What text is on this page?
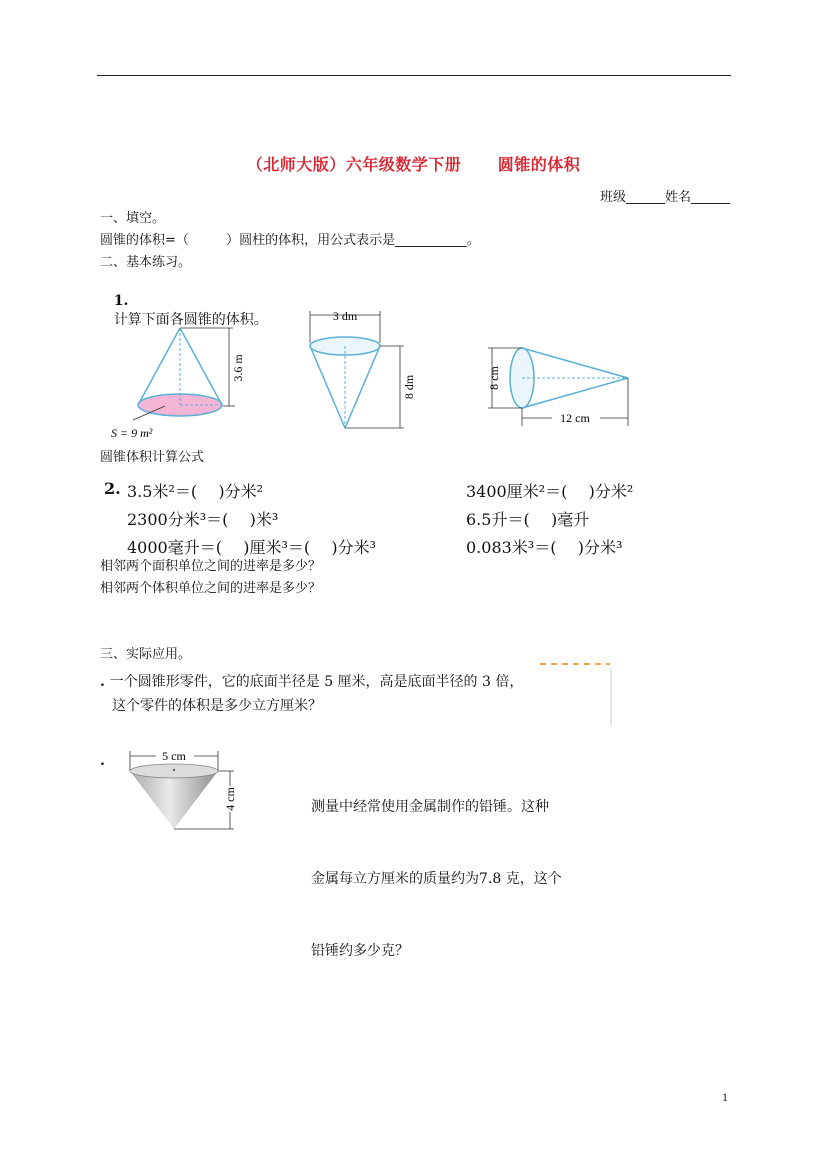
（北师大版）六年级数学下册      圆锥的体积
班级______姓名______
一、填空。
圆锥的体积=（         ）圆柱的体积，用公式表示是___________。
二、基本练习。

1.
计算下面各圆锥的体积。

3.6 m
S = 9 m²
3 dm
8 dm	8 cm
12 cm
圆锥体积计算公式
2. 3.5米²＝(   )分米²	3400厘米²＝(   )分米²
2300分米³＝(   )米³	6.5升＝(   )毫升
4000毫升＝(   )厘米³＝(   )分米³	0.083米³＝(   )分米³
相邻两个面积单位之间的进率是多少？
相邻两个体积单位之间的进率是多少？
三、实际应用。
. 一个圆锥形零件，它的底面半径是 5 厘米，高是底面半径的 3 倍，
这个零件的体积是多少立方厘米？
.	5 cm
4 cm

	测量中经常使用金属制作的铅锤。这种

金属每立方厘米的质量约为7.8 克，这个

铅锤约多少克？

1
